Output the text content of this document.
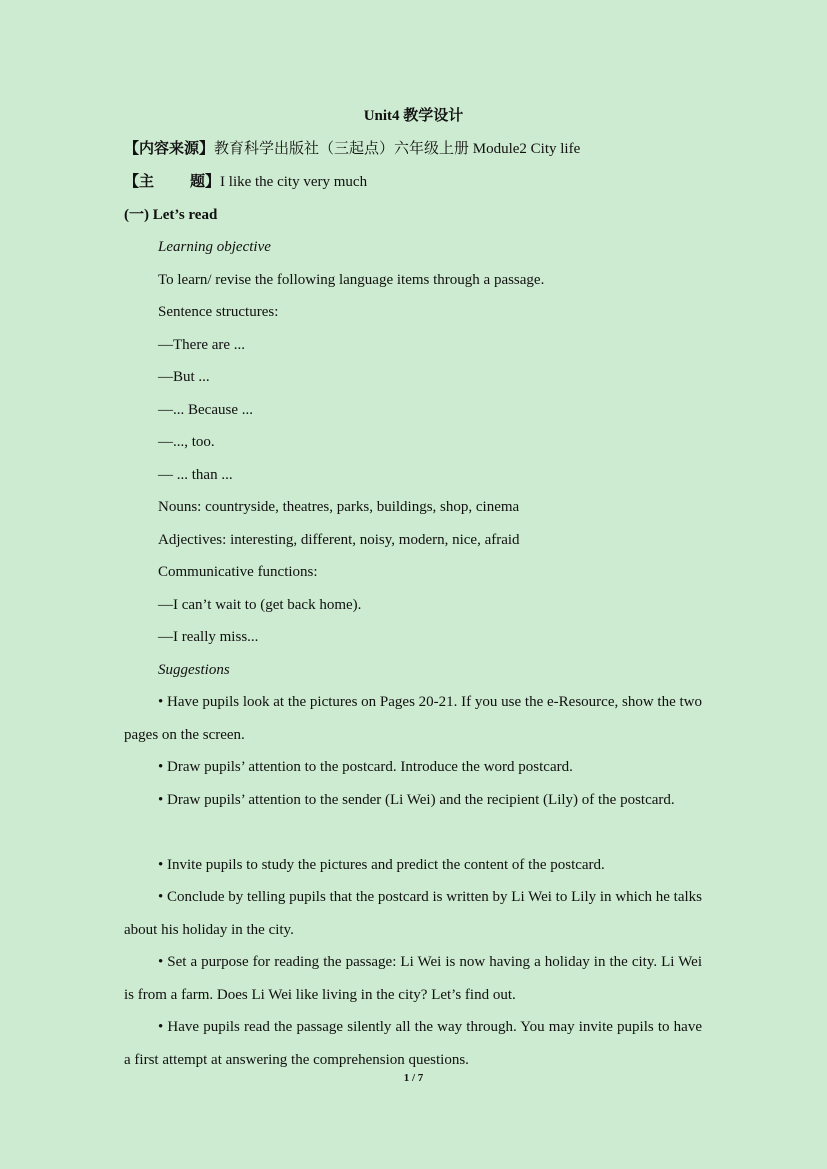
Unit4 教学设计
【内容来源】教育科学出版社（三起点）六年级上册 Module2 City life
【主 题】I like the city very much
(一) Let’s read
Learning objective
To learn/ revise the following language items through a passage.
Sentence structures:
—There are ...
—But ...
—... Because ...
—..., too.
— ... than ...
Nouns: countryside, theatres, parks, buildings, shop, cinema
Adjectives: interesting, different, noisy, modern, nice, afraid
Communicative functions:
—I can’t wait to (get back home).
—I really miss...
Suggestions
• Have pupils look at the pictures on Pages 20-21. If you use the e-Resource, show the two pages on the screen.
• Draw pupils’ attention to the postcard. Introduce the word postcard.
• Draw pupils’ attention to the sender (Li Wei) and the recipient (Lily) of the postcard.
• Invite pupils to study the pictures and predict the content of the postcard.
• Conclude by telling pupils that the postcard is written by Li Wei to Lily in which he talks about his holiday in the city.
• Set a purpose for reading the passage: Li Wei is now having a holiday in the city. Li Wei is from a farm. Does Li Wei like living in the city? Let’s find out.
• Have pupils read the passage silently all the way through. You may invite pupils to have a first attempt at answering the comprehension questions.
1 / 7
